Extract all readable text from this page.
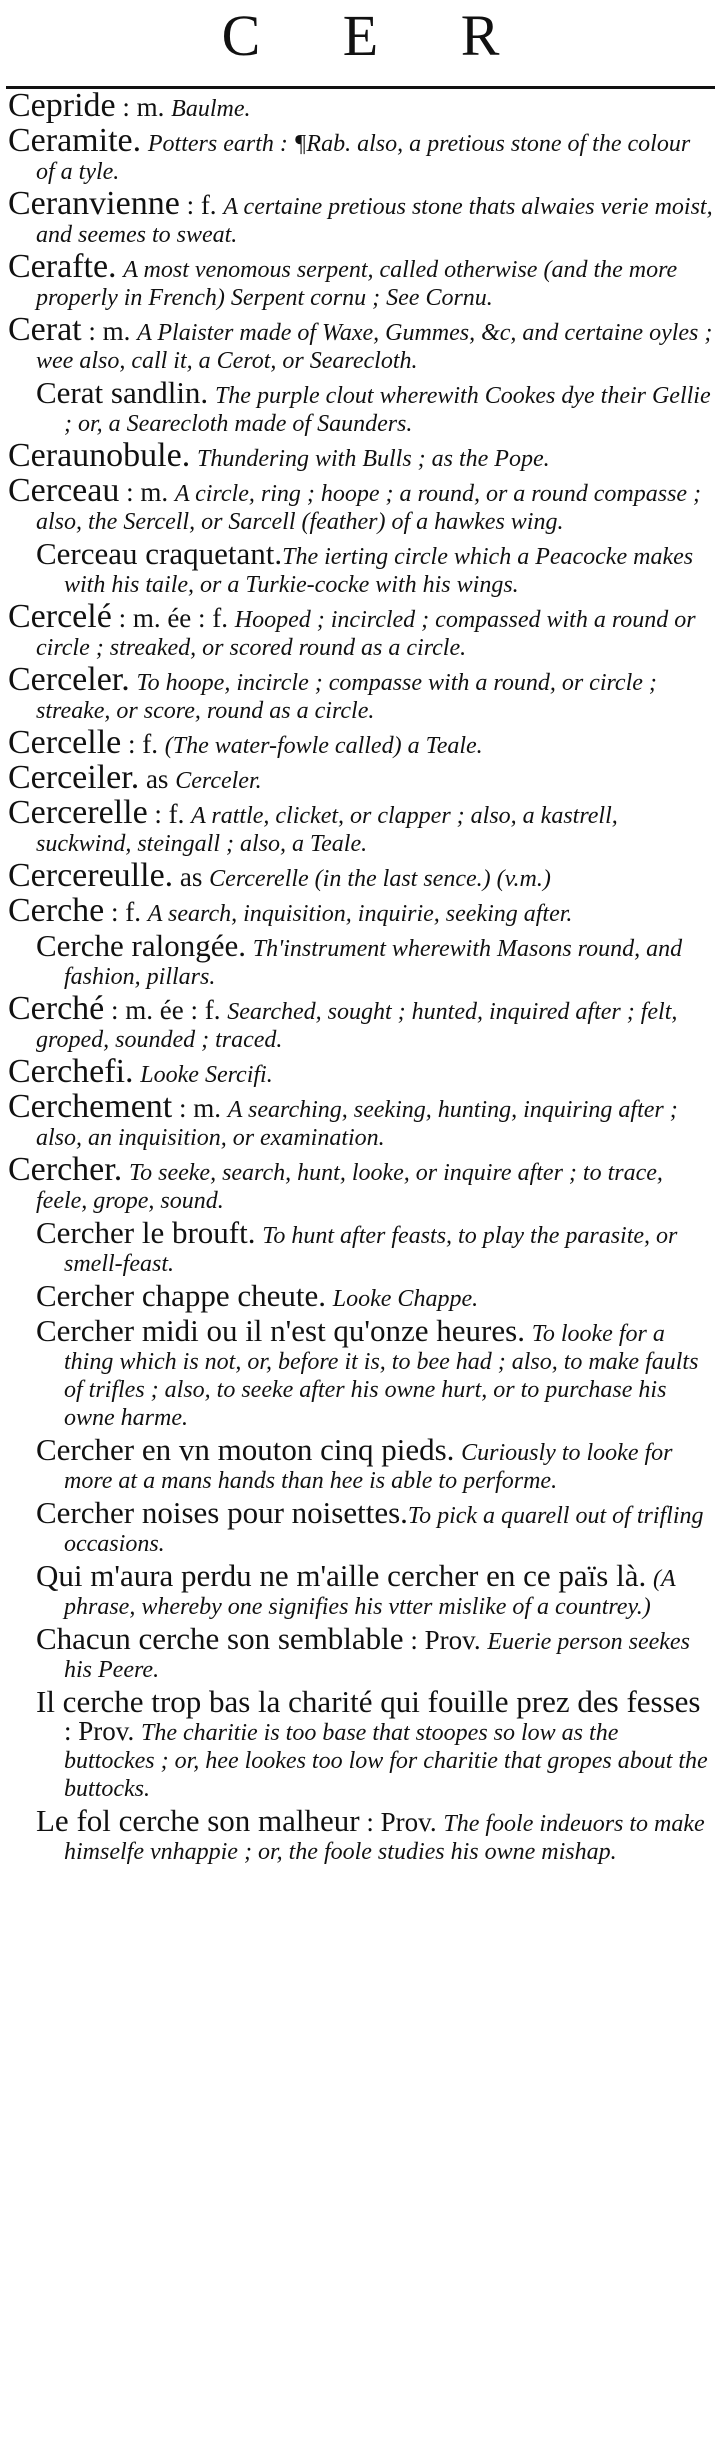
C E R
Cepride : m. Baulme.
Ceramite. Potters earth : ¶Rab. also, a pretious stone of the colour of a tyle.
Ceranvienne : f. A certaine pretious stone thats alwaies verie moist, and seemes to sweat.
Cerafte. A most venomous serpent, called otherwise (and the more properly in French) Serpent cornu ; See Cornu.
Cerat : m. A Plaister made of Waxe, Gummes, &c, and certaine oyles ; wee also, call it, a Cerot, or Searecloth.
Cerat sandlin. The purple clout wherewith Cookes dye their Gellie ; or, a Searecloth made of Saunders.
Ceraunobule. Thundering with Bulls ; as the Pope.
Cerceau : m. A circle, ring ; hoope ; a round, or a round compasse ; also, the Sercell, or Sarcell (feather) of a hawkes wing.
Cerceau craquetant.The ierting circle which a Peacocke makes with his taile, or a Turkie-cocke with his wings.
Cercelé : m. ée : f. Hooped ; incircled ; compassed with a round or circle ; streaked, or scored round as a circle.
Cerceler. To hoope, incircle ; compasse with a round, or circle ; streake, or score, round as a circle.
Cercelle : f. (The water-fowle called) a Teale.
Cerceiler. as Cerceler.
Cercerelle : f. A rattle, clicket, or clapper ; also, a kastrell, suckwind, steingall ; also, a Teale.
Cercereulle. as Cercerelle (in the last sence.) (v.m.)
Cerche : f. A search, inquisition, inquirie, seeking after.
Cerche ralongée. Th'instrument wherewith Masons round, and fashion, pillars.
Cerché : m. ée : f. Searched, sought ; hunted, inquired after ; felt, groped, sounded ; traced.
Cerchefi. Looke Sercifi.
Cerchement : m. A searching, seeking, hunting, inquiring after ; also, an inquisition, or examination.
Cercher. To seeke, search, hunt, looke, or inquire after ; to trace, feele, grope, sound.
Cercher le brouft. To hunt after feasts, to play the parasite, or smell-feast.
Cercher chappe cheute. Looke Chappe.
Cercher midi ou il n'est qu'onze heures. To looke for a thing which is not, or, before it is, to bee had ; also, to make faults of trifles ; also, to seeke after his owne hurt, or to purchase his owne harme.
Cercher en vn mouton cinq pieds. Curiously to looke for more at a mans hands than hee is able to performe.
Cercher noises pour noisettes.To pick a quarell out of trifling occasions.
Qui m'aura perdu ne m'aille cercher en ce païs là. (A phrase, whereby one signifies his vtter mislike of a countrey.)
Chacun cerche son semblable : Prov. Euerie person seekes his Peere.
Il cerche trop bas la charité qui fouille prez des fesses : Prov. The charitie is too base that stoopes so low as the buttockes ; or, hee lookes too low for charitie that gropes about the buttocks.
Le fol cerche son malheur : Prov. The foole indeuors to make himselfe vnhappie ; or, the foole studies his owne mishap.
